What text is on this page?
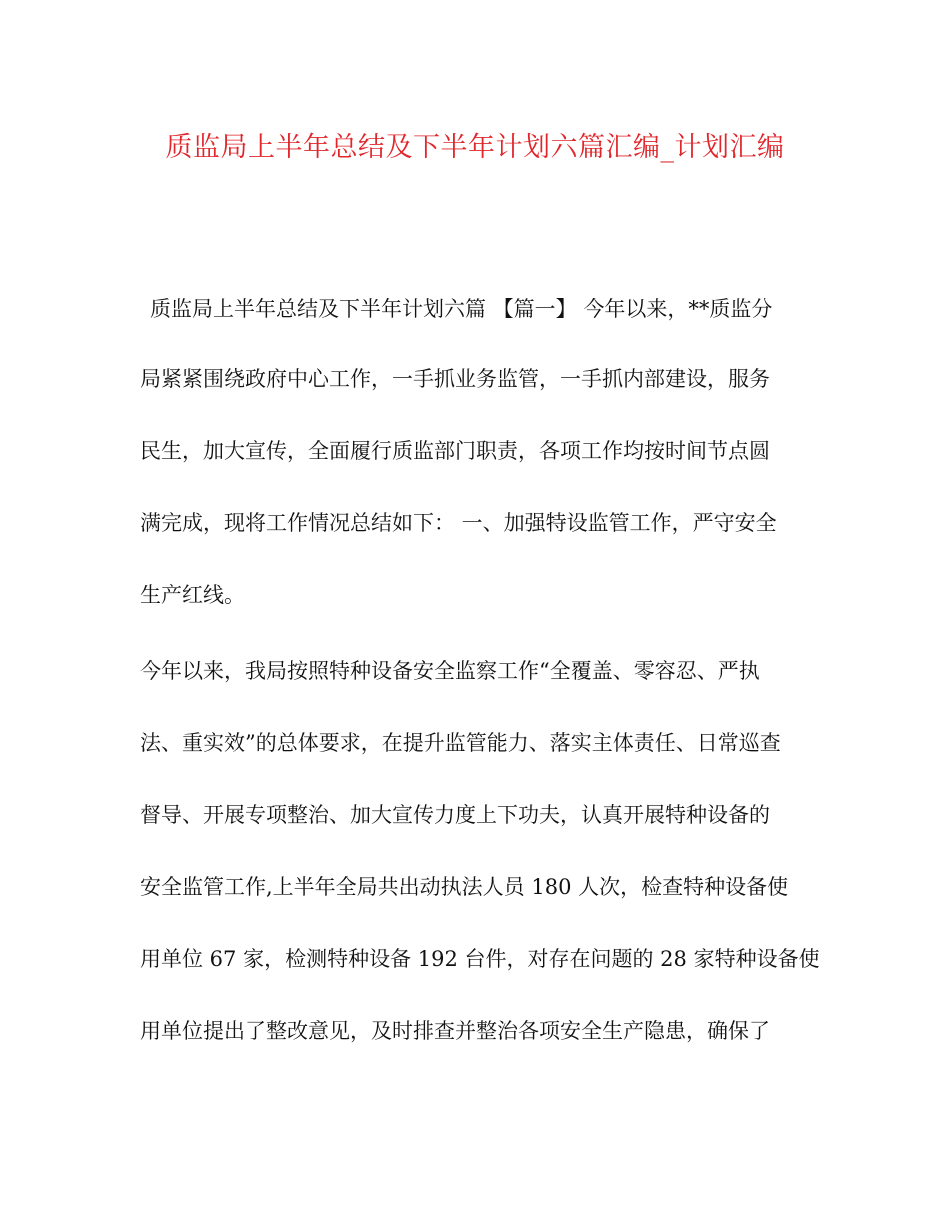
质监局上半年总结及下半年计划六篇汇编_计划汇编
质监局上半年总结及下半年计划六篇 【篇一】 今年以来，**质监分
局紧紧围绕政府中心工作，一手抓业务监管，一手抓内部建设，服务
民生，加大宣传，全面履行质监部门职责，各项工作均按时间节点圆
满完成，现将工作情况总结如下： 一、加强特设监管工作，严守安全
生产红线。
今年以来，我局按照特种设备安全监察工作“全覆盖、零容忍、严执
法、重实效”的总体要求，在提升监管能力、落实主体责任、日常巡查
督导、开展专项整治、加大宣传力度上下功夫，认真开展特种设备的
安全监管工作,上半年全局共出动执法人员 180 人次，检查特种设备使
用单位 67 家，检测特种设备 192 台件，对存在问题的 28 家特种设备使
用单位提出了整改意见，及时排查并整治各项安全生产隐患，确保了
